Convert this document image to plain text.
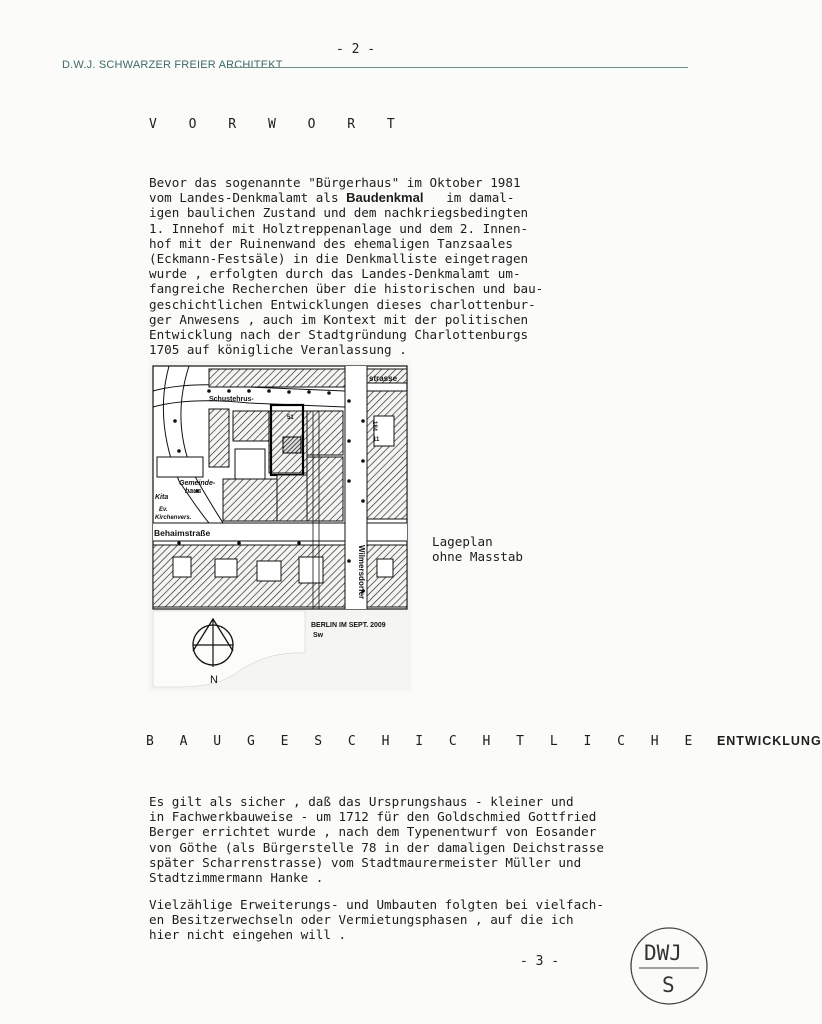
D.W.J. SCHWARZER FREIER ARCHITEKT
- 2 -
V O R W O R T
Bevor das sogenannte "Bürgerhaus" im Oktober 1981
vom Landes-Denkmalamt als Baudenkmal   im damal-
igen baulichen Zustand und dem nachkriegsbedingten
1. Innehof mit Holztreppenanlage und dem 2. Innen-
hof mit der Ruinenwand des ehemaligen Tanzsaales
(Eckmann-Festsäle) in die Denkmalliste eingetragen
wurde , erfolgten durch das Landes-Denkmalamt um-
fangreiche Recherchen über die historischen und bau-
geschichtlichen Entwicklungen dieses charlottenbur-
ger Anwesens , auch im Kontext mit der politischen
Entwicklung nach der Stadtgründung Charlottenburgs
1705 auf königliche Veranlassung .
strasse
Schustehrus-
Gemeinde-
haus
Kita
Ev.
Kirchenvers.
Behaimstraße
Wilmersdorfer
51
184
11
BERLIN IM SEPT. 2009
Sw
N
Lageplan
ohne Masstab
B A U G E S C H I C H T L I C H E ENTWICKLUNG
Es gilt als sicher , daß das Ursprungshaus - kleiner und
in Fachwerkbauweise - um 1712 für den Goldschmied Gottfried
Berger errichtet wurde , nach dem Typenentwurf von Eosander
von Göthe (als Bürgerstelle 78 in der damaligen Deichstrasse
später Scharrenstrasse) vom Stadtmaurermeister Müller und
Stadtzimmermann Hanke .
Vielzählige Erweiterungs- und Umbauten folgten bei vielfach-
en Besitzerwechseln oder Vermietungsphasen , auf die ich
hier nicht eingehen will .
- 3 -	DWJ
S
